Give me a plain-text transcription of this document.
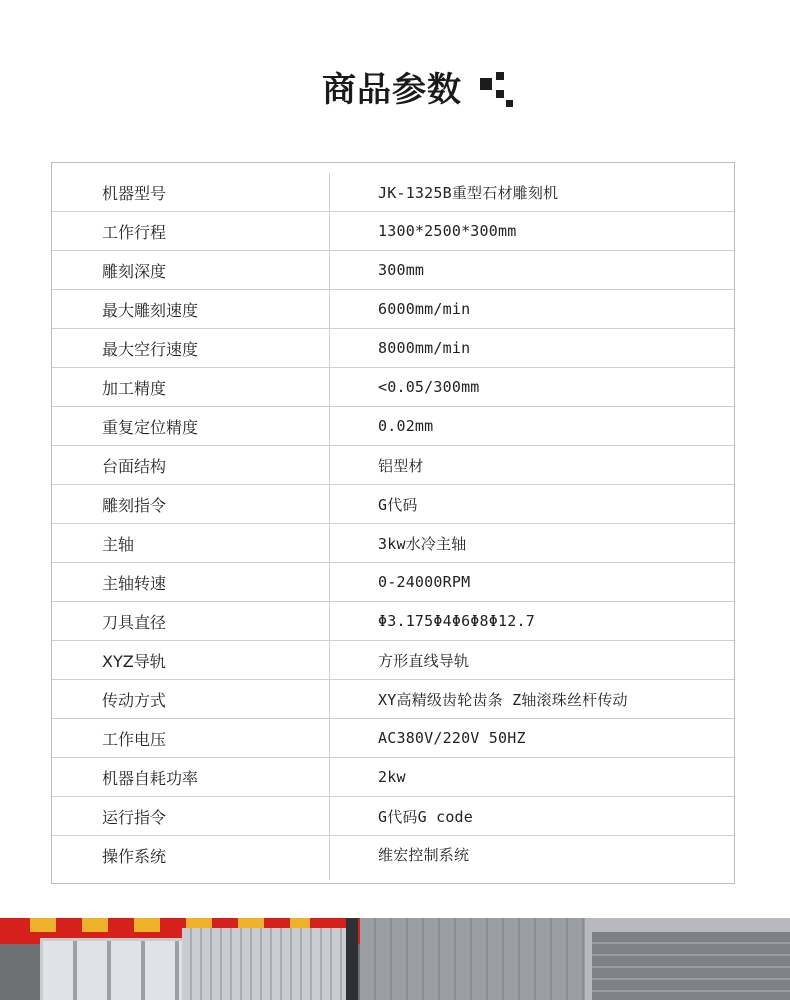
商品参数
机器型号	JK-1325B重型石材雕刻机
工作行程	1300*2500*300mm
雕刻深度	300mm
最大雕刻速度	6000mm/min
最大空行速度	8000mm/min
加工精度	<0.05/300mm
重复定位精度	0.02mm
台面结构	铝型材
雕刻指令	G代码
主轴	3kw水冷主轴
主轴转速	0-24000RPM
刀具直径	Φ3.175Φ4Φ6Φ8Φ12.7
XYZ导轨	方形直线导轨
传动方式	XY高精级齿轮齿条 Z轴滚珠丝杆传动
工作电压	AC380V/220V 50HZ
机器自耗功率	2kw
运行指令	G代码G code
操作系统	维宏控制系统
